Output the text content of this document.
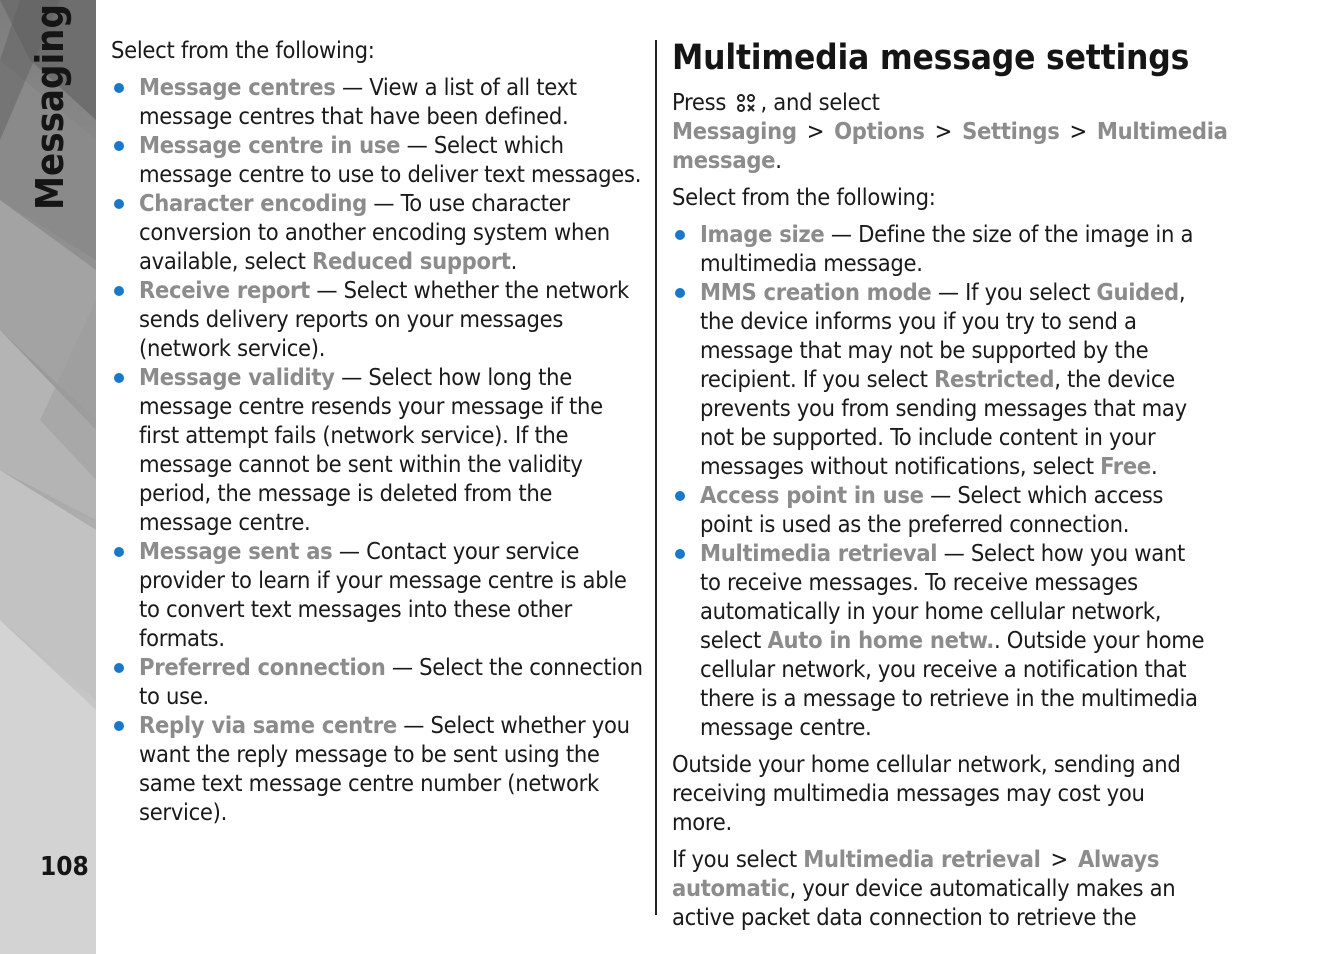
Messaging
108

Select from the following:

Message centres — View a list of all text message centres that have been defined.
Message centre in use — Select which message centre to use to deliver text messages.
Character encoding — To use character conversion to another encoding system when available, select Reduced support.
Receive report — Select whether the network sends delivery reports on your messages (network service).
Message validity — Select how long the message centre resends your message if the first attempt fails (network service). If the message cannot be sent within the validity period, the message is deleted from the message centre.
Message sent as — Contact your service provider to learn if your message centre is able to convert text messages into these other formats.
Preferred connection — Select the connection to use.
Reply via same centre — Select whether you want the reply message to be sent using the same text message centre number (network service).
Multimedia message settings

Press , and select Messaging > Options > Settings > Multimedia message.

Select from the following:

Image size — Define the size of the image in a multimedia message.
MMS creation mode — If you select Guided, the device informs you if you try to send a message that may not be supported by the recipient. If you select Restricted, the device prevents you from sending messages that may not be supported. To include content in your messages without notifications, select Free.
Access point in use — Select which access point is used as the preferred connection.
Multimedia retrieval — Select how you want to receive messages. To receive messages automatically in your home cellular network, select Auto in home netw.. Outside your home cellular network, you receive a notification that there is a message to retrieve in the multimedia message centre.

Outside your home cellular network, sending and receiving multimedia messages may cost you more.

If you select Multimedia retrieval > Always automatic, your device automatically makes an active packet data connection to retrieve the
